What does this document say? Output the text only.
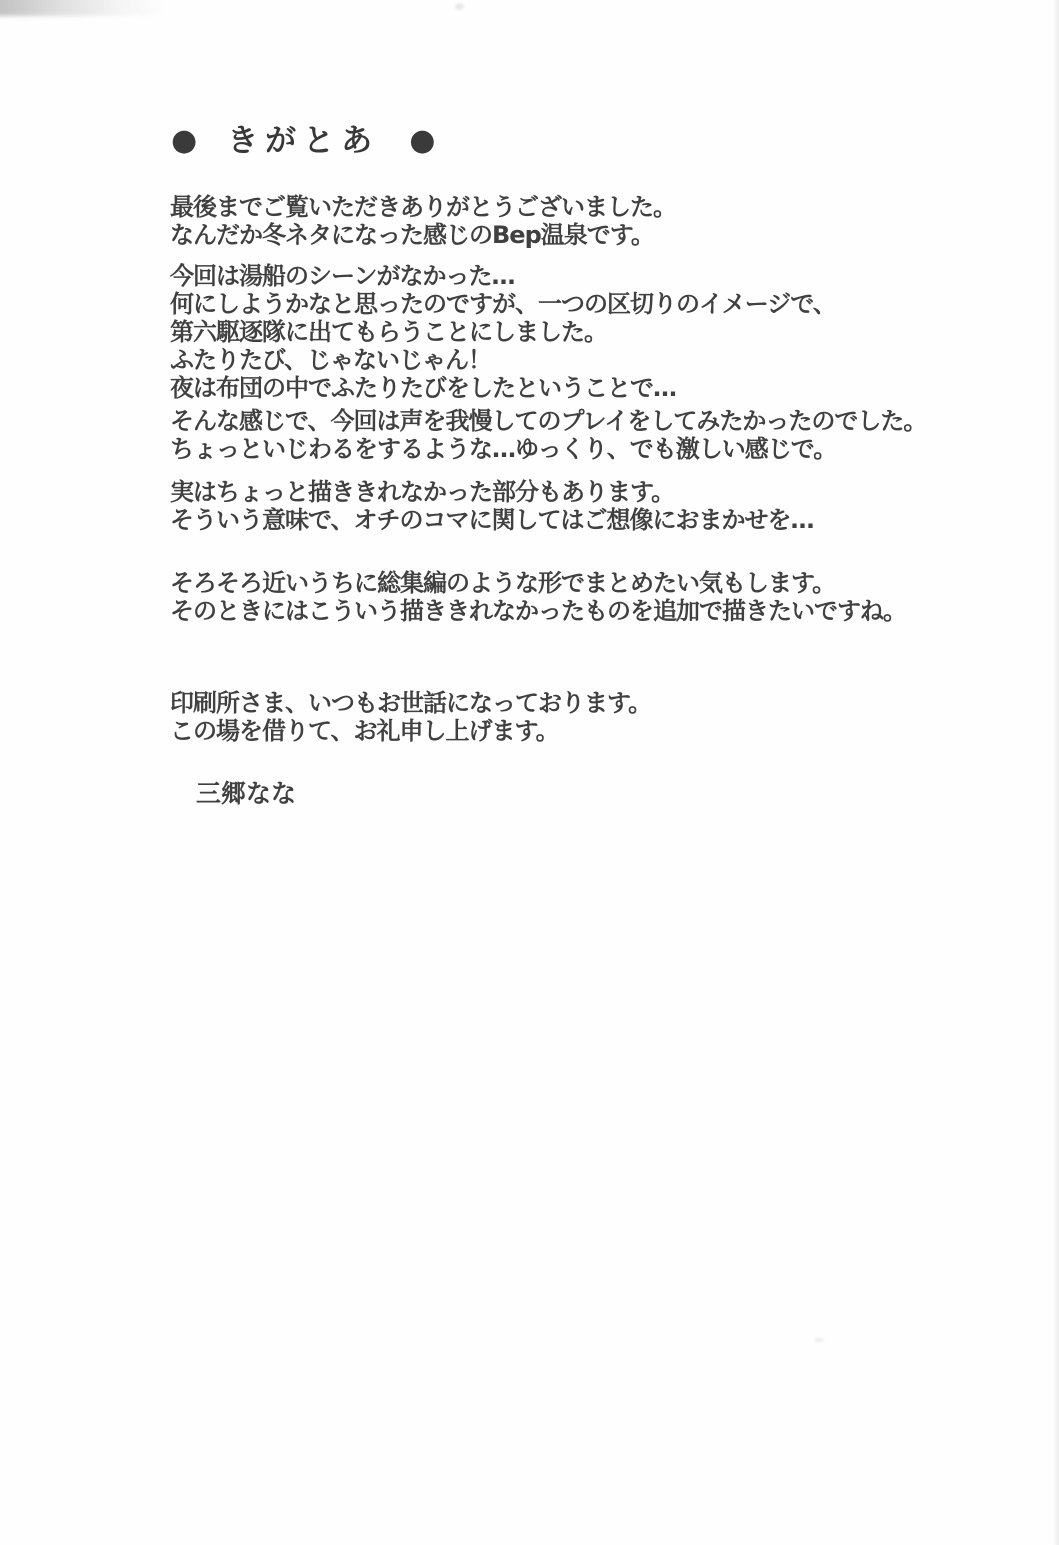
● きがとあ	●

最後までご覧いただきありがとうございました。
なんだか冬ネタになった感じのBep温泉です。

今回は湯船のシーンがなかった…
何にしようかなと思ったのですが、一つの区切りのイメージで、
第六駆逐隊に出てもらうことにしました。
ふたりたび、じゃないじゃん！
夜は布団の中でふたりたびをしたということで…

そんな感じで、今回は声を我慢してのプレイをしてみたかったのでした。
ちょっといじわるをするような…ゆっくり、でも激しい感じで。

実はちょっと描ききれなかった部分もあります。
そういう意味で、オチのコマに関してはご想像におまかせを…

そろそろ近いうちに総集編のような形でまとめたい気もします。
そのときにはこういう描ききれなかったものを追加で描きたいですね。

印刷所さま、いつもお世話になっております。
この場を借りて、お礼申し上げます。

三郷なな
